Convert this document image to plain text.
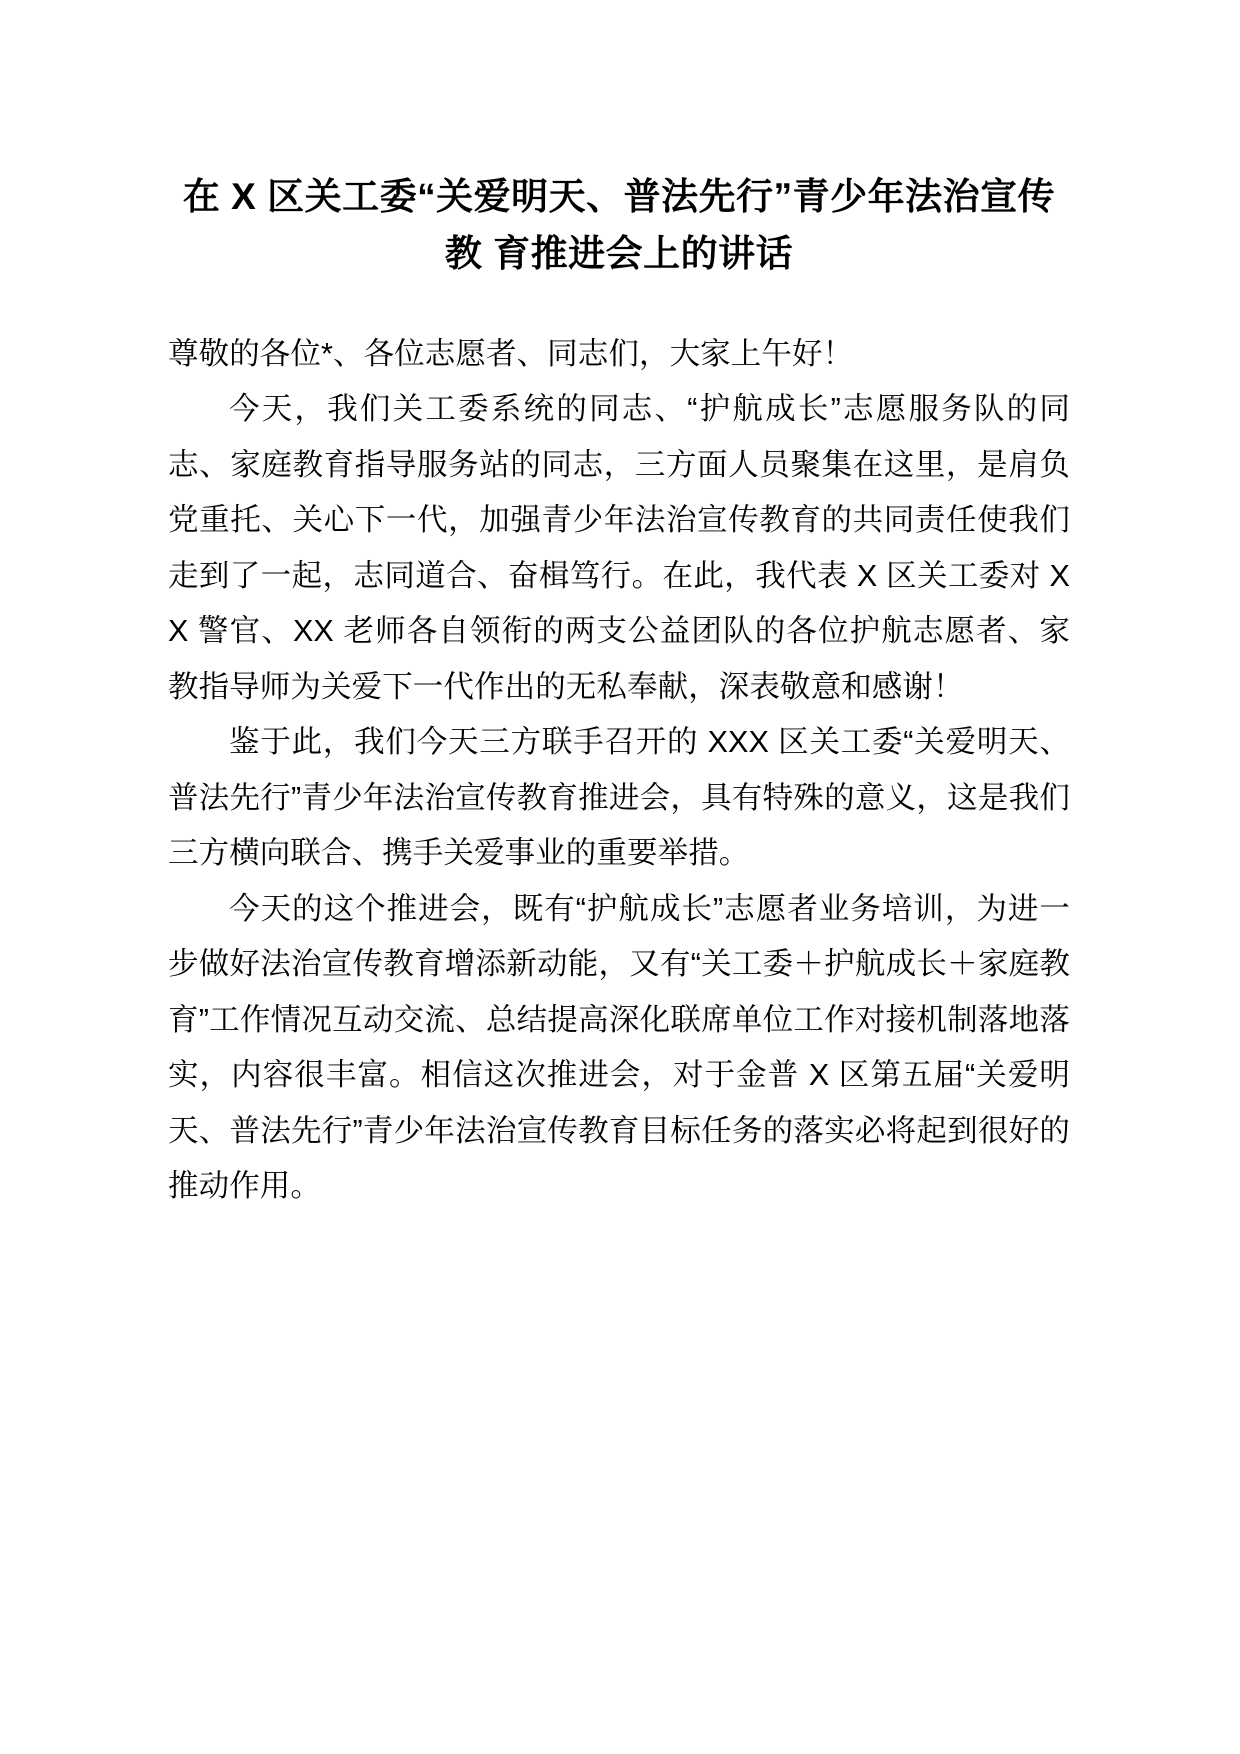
在 X 区关工委“关爱明天、普法先行”青少年法治宣传教 育推进会上的讲话

尊敬的各位*、各位志愿者、同志们，大家上午好！

今天，我们关工委系统的同志、“护航成长”志愿服务队的同志、家庭教育指导服务站的同志，三方面人员聚集在这里，是肩负党重托、关心下一代，加强青少年法治宣传教育的共同责任使我们走到了一起，志同道合、奋楫笃行。在此，我代表 X 区关工委对 XX 警官、XX 老师各自领衔的两支公益团队的各位护航志愿者、家教指导师为关爱下一代作出的无私奉献，深表敬意和感谢！

鉴于此，我们今天三方联手召开的 XXX 区关工委“关爱明天、普法先行”青少年法治宣传教育推进会，具有特殊的意义，这是我们三方横向联合、携手关爱事业的重要举措。

今天的这个推进会，既有“护航成长”志愿者业务培训，为进一步做好法治宣传教育增添新动能，又有“关工委＋护航成长＋家庭教育”工作情况互动交流、总结提高深化联席单位工作对接机制落地落实，内容很丰富。相信这次推进会，对于金普 X 区第五届“关爱明天、普法先行”青少年法治宣传教育目标任务的落实必将起到很好的推动作用。
